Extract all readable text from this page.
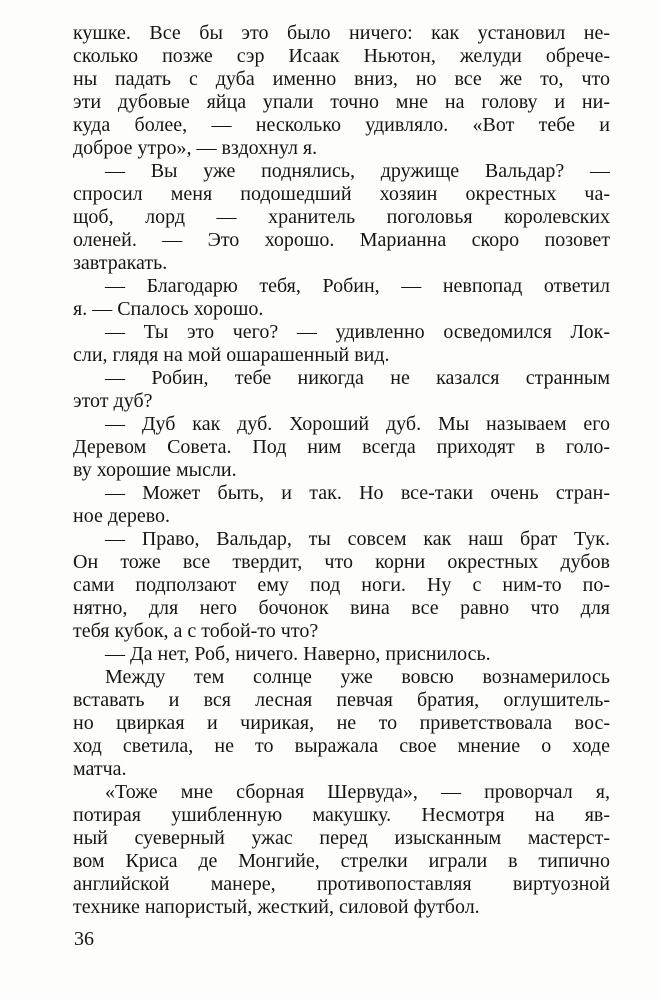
кушке. Все бы это было ничего: как установил не-
сколько позже сэр Исаак Ньютон, желуди обрече-
ны падать с дуба именно вниз, но все же то, что
эти дубовые яйца упали точно мне на голову и ни-
куда более, — несколько удивляло. «Вот тебе и
доброе утро», — вздохнул я.
— Вы уже поднялись, дружище Вальдар? —
спросил меня подошедший хозяин окрестных ча-
щоб, лорд — хранитель поголовья королевских
оленей. — Это хорошо. Марианна скоро позовет
завтракать.
— Благодарю тебя, Робин, — невпопад ответил
я. — Спалось хорошо.
— Ты это чего? — удивленно осведомился Лок-
сли, глядя на мой ошарашенный вид.
— Робин, тебе никогда не казался странным
этот дуб?
— Дуб как дуб. Хороший дуб. Мы называем его
Деревом Совета. Под ним всегда приходят в голо-
ву хорошие мысли.
— Может быть, и так. Но все-таки очень стран-
ное дерево.
— Право, Вальдар, ты совсем как наш брат Тук.
Он тоже все твердит, что корни окрестных дубов
сами подползают ему под ноги. Ну с ним-то по-
нятно, для него бочонок вина все равно что для
тебя кубок, а с тобой-то что?
— Да нет, Роб, ничего. Наверно, приснилось.
Между тем солнце уже вовсю вознамерилось
вставать и вся лесная певчая братия, оглушитель-
но цвиркая и чирикая, не то приветствовала вос-
ход светила, не то выражала свое мнение о ходе
матча.
«Тоже мне сборная Шервуда», — проворчал я,
потирая ушибленную макушку. Несмотря на яв-
ный суеверный ужас перед изысканным мастерст-
вом Криса де Монгийе, стрелки играли в типично
английской манере, противопоставляя виртуозной
технике напористый, жесткий, силовой футбол.
36
